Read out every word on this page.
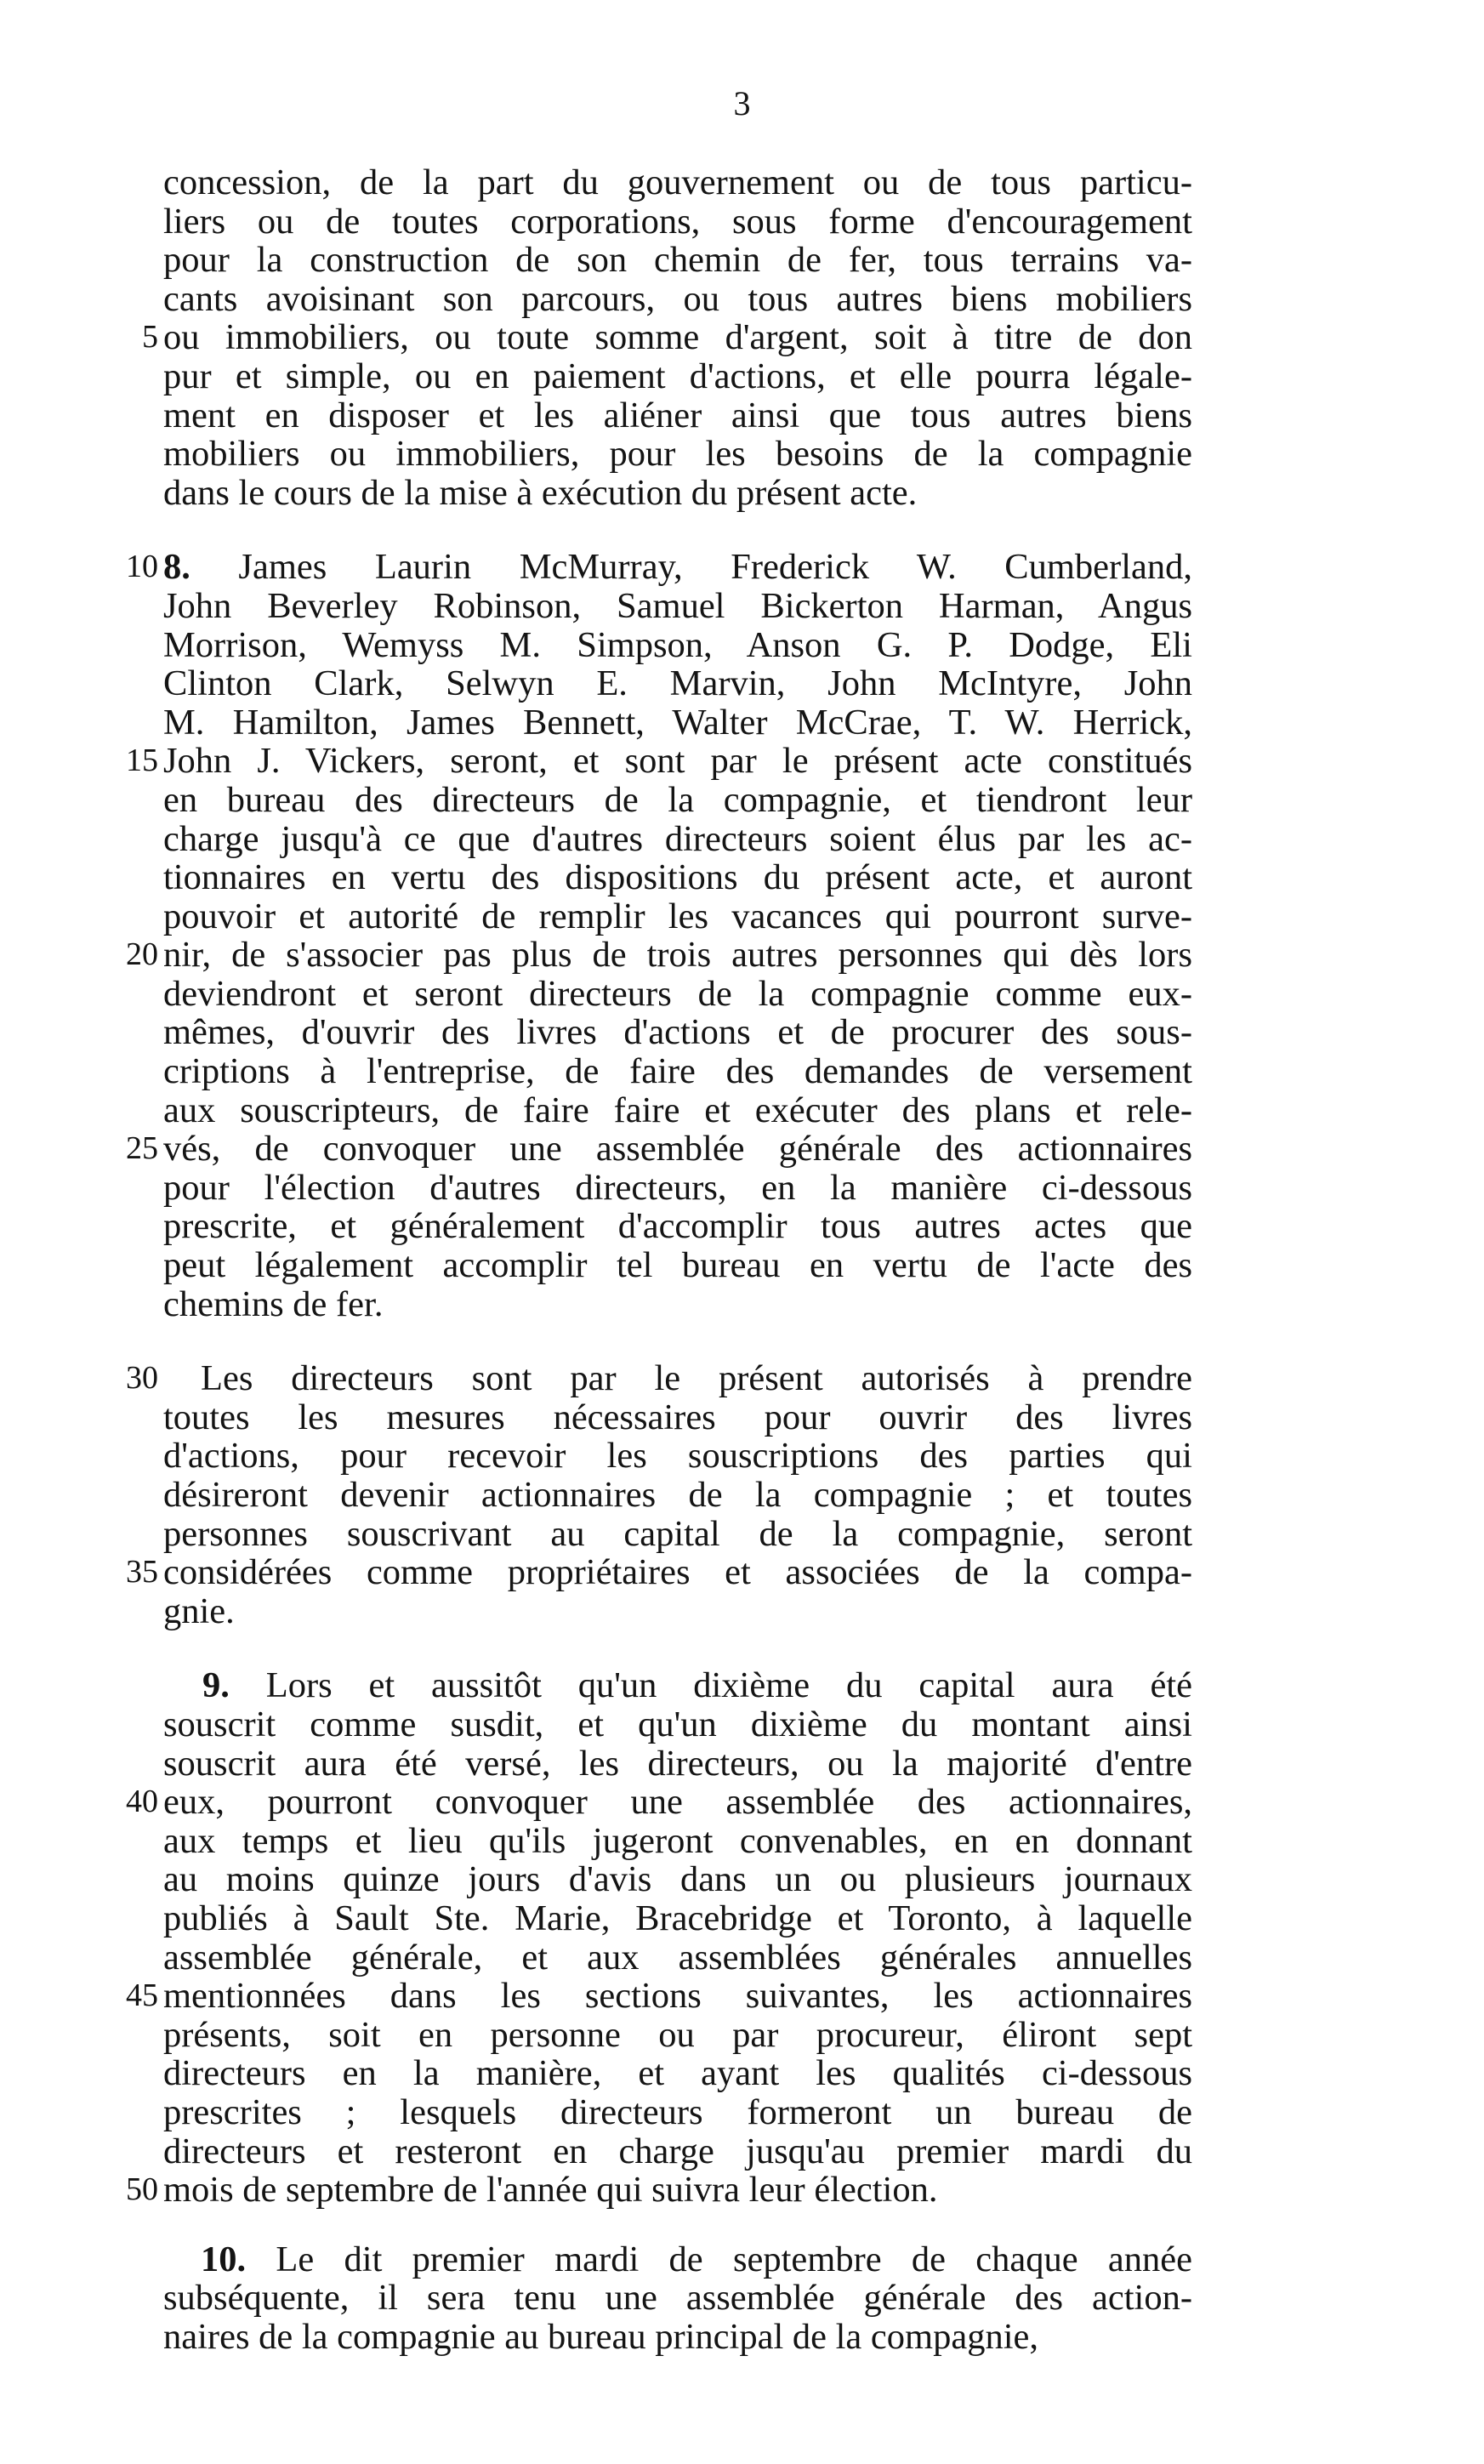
3
concession, de la part du gouvernement ou de tous particu-
liers ou de toutes corporations, sous forme d'encouragement
pour la construction de son chemin de fer, tous terrains va-
cants avoisinant son parcours, ou tous autres biens mobiliers
5 ou immobiliers, ou toute somme d'argent, soit à titre de don
pur et simple, ou en paiement d'actions, et elle pourra légale-
ment en disposer et les aliéner ainsi que tous autres biens
mobiliers ou immobiliers, pour les besoins de la compagnie
dans le cours de la mise à exécution du présent acte.
10 8. James Laurin McMurray, Frederick W. Cumberland,
John Beverley Robinson, Samuel Bickerton Harman, Angus
Morrison, Wemyss M. Simpson, Anson G. P. Dodge, Eli
Clinton Clark, Selwyn E. Marvin, John McIntyre, John
M. Hamilton, James Bennett, Walter McCrae, T. W. Herrick,
15 John J. Vickers, seront, et sont par le présent acte constitués
en bureau des directeurs de la compagnie, et tiendront leur
charge jusqu'à ce que d'autres directeurs soient élus par les ac-
tionnaires en vertu des dispositions du présent acte, et auront
pouvoir et autorité de remplir les vacances qui pourront surve-
20 nir, de s'associer pas plus de trois autres personnes qui dès lors
deviendront et seront directeurs de la compagnie comme eux-
mêmes, d'ouvrir des livres d'actions et de procurer des sous-
criptions à l'entreprise, de faire des demandes de versement
aux souscripteurs, de faire faire et exécuter des plans et rele-
25 vés, de convoquer une assemblée générale des actionnaires
pour l'élection d'autres directeurs, en la manière ci-dessous
prescrite, et généralement d'accomplir tous autres actes que
peut légalement accomplir tel bureau en vertu de l'acte des
chemins de fer.
30 Les directeurs sont par le présent autorisés à prendre
toutes les mesures nécessaires pour ouvrir des livres
d'actions, pour recevoir les souscriptions des parties qui
désireront devenir actionnaires de la compagnie ; et toutes
personnes souscrivant au capital de la compagnie, seront
35 considérées comme propriétaires et associées de la compa-
gnie.
9. Lors et aussitôt qu'un dixième du capital aura été
souscrit comme susdit, et qu'un dixième du montant ainsi
souscrit aura été versé, les directeurs, ou la majorité d'entre
40 eux, pourront convoquer une assemblée des actionnaires,
aux temps et lieu qu'ils jugeront convenables, en en donnant
au moins quinze jours d'avis dans un ou plusieurs journaux
publiés à Sault Ste. Marie, Bracebridge et Toronto, à laquelle
assemblée générale, et aux assemblées générales annuelles
45 mentionnées dans les sections suivantes, les actionnaires
présents, soit en personne ou par procureur, éliront sept
directeurs en la manière, et ayant les qualités ci-dessous
prescrites ; lesquels directeurs formeront un bureau de
directeurs et resteront en charge jusqu'au premier mardi du
50 mois de septembre de l'année qui suivra leur élection.
10. Le dit premier mardi de septembre de chaque année
subséquente, il sera tenu une assemblée générale des action-
naires de la compagnie au bureau principal de la compagnie,
